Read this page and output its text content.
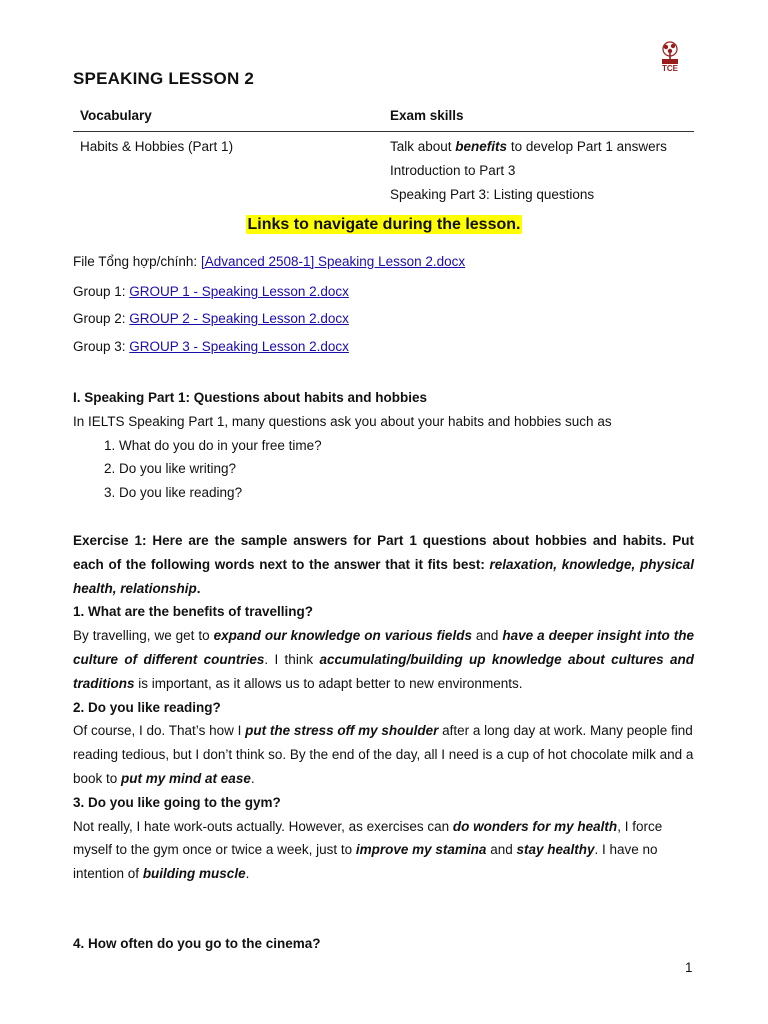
TCE
SPEAKING LESSON 2
Vocabulary	Exam skills
Habits & Hobbies (Part 1)	Talk about benefits to develop Part 1 answers
Introduction to Part 3
Speaking Part 3: Listing questions
Links to navigate during the lesson.
File Tổng hợp/chính: [Advanced 2508-1] Speaking Lesson 2.docx
Group 1: GROUP 1 - Speaking Lesson 2.docx
Group 2: GROUP 2 - Speaking Lesson 2.docx
Group 3: GROUP 3 - Speaking Lesson 2.docx
I. Speaking Part 1: Questions about habits and hobbies
In IELTS Speaking Part 1, many questions ask you about your habits and hobbies such as
1. What do you do in your free time?
2. Do you like writing?
3. Do you like reading?
Exercise 1: Here are the sample answers for Part 1 questions about hobbies and habits. Put each of the following words next to the answer that it fits best: relaxation, knowledge, physical health, relationship.
1. What are the benefits of travelling?
By travelling, we get to expand our knowledge on various fields and have a deeper insight into the culture of different countries. I think accumulating/building up knowledge about cultures and traditions is important, as it allows us to adapt better to new environments.
2. Do you like reading?
Of course, I do. That’s how I put the stress off my shoulder after a long day at work. Many people find reading tedious, but I don’t think so. By the end of the day, all I need is a cup of hot chocolate milk and a book to put my mind at ease.
3. Do you like going to the gym?
Not really, I hate work-outs actually. However, as exercises can do wonders for my health, I force myself to the gym once or twice a week, just to improve my stamina and stay healthy. I have no intention of building muscle.
4. How often do you go to the cinema?
1
